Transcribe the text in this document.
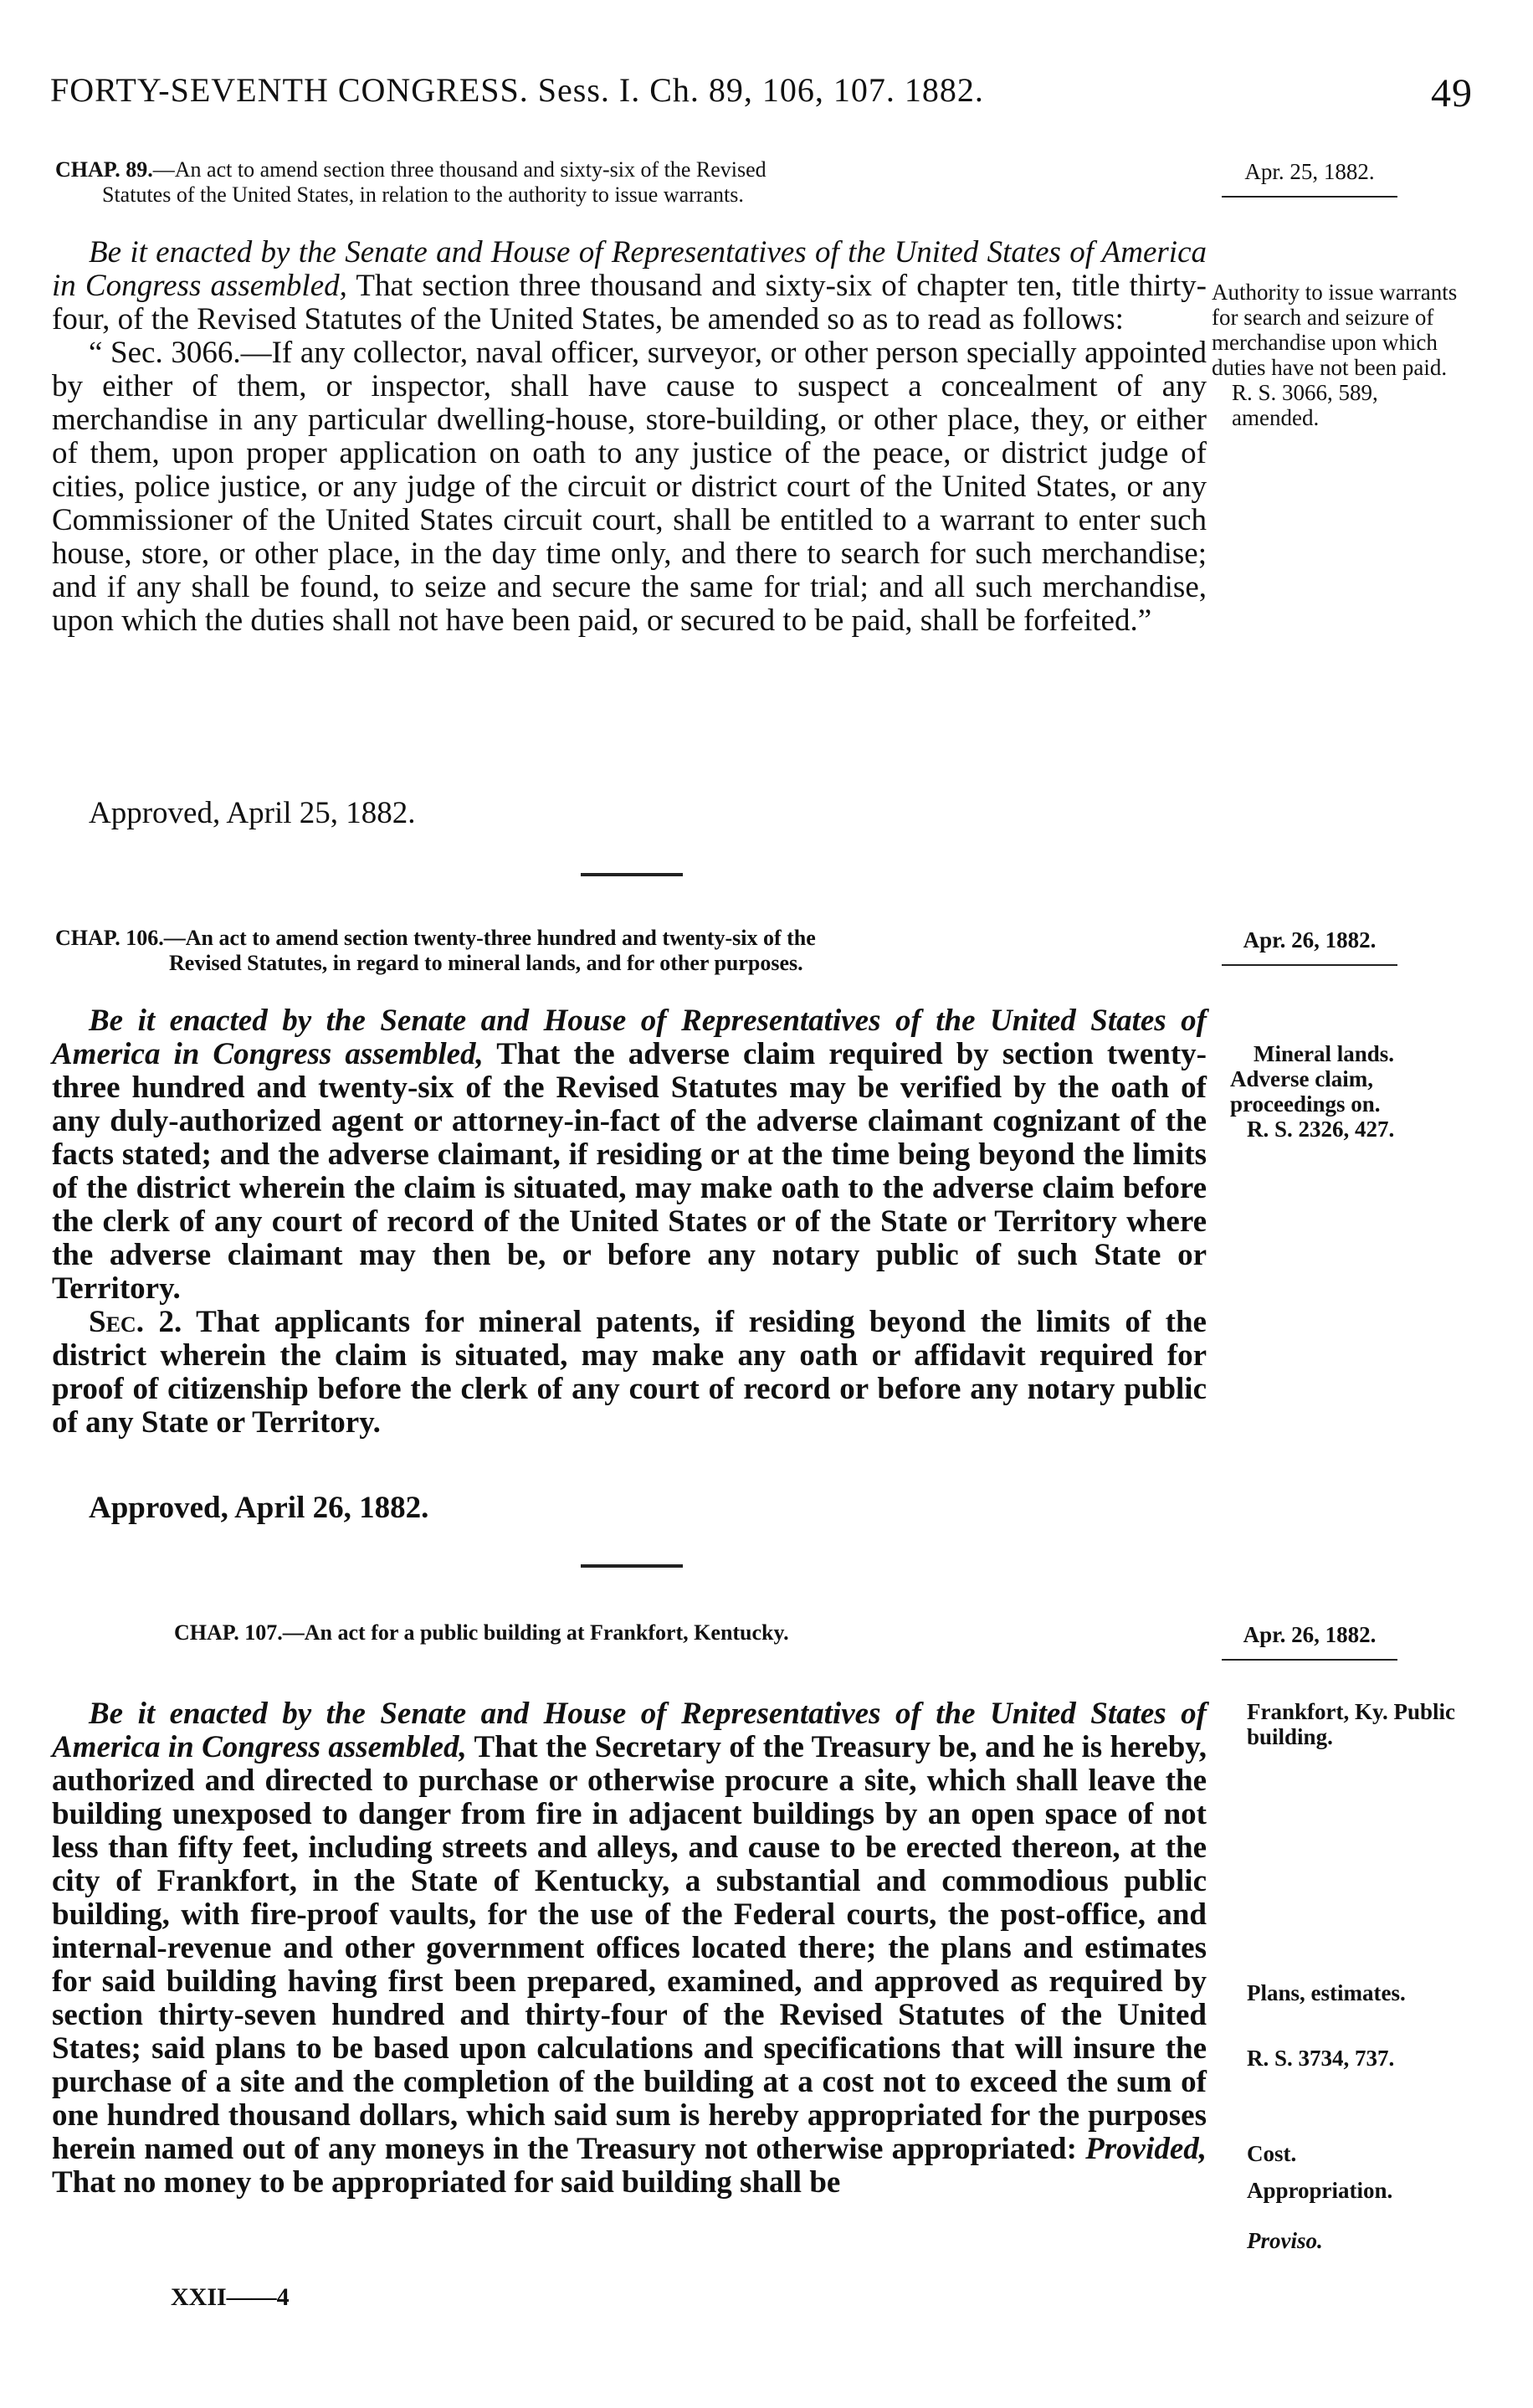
FORTY-SEVENTH CONGRESS. Sess. I. Ch. 89, 106, 107. 1882.	49
CHAP. 89.—An act to amend section three thousand and sixty-six of the Revised
Statutes of the United States, in relation to the authority to issue warrants.
Apr. 25, 1882.

Be it enacted by the Senate and House of Representatives of the United States of America in Congress assembled, That section three thousand and sixty-six of chapter ten, title thirty-four, of the Revised Statutes of the United States, be amended so as to read as follows:

“ Sec. 3066.—If any collector, naval officer, surveyor, or other person specially appointed by either of them, or inspector, shall have cause to suspect a concealment of any merchandise in any particular dwelling-house, store-building, or other place, they, or either of them, upon proper application on oath to any justice of the peace, or district judge of cities, police justice, or any judge of the circuit or district court of the United States, or any Commissioner of the United States circuit court, shall be entitled to a warrant to enter such house, store, or other place, in the day time only, and there to search for such merchandise; and if any shall be found, to seize and secure the same for trial; and all such merchandise, upon which the duties shall not have been paid, or secured to be paid, shall be forfeited.”

Approved, April 25, 1882.
Authority to issue warrants for search and seizure of merchandise upon which duties have not been paid.
R. S. 3066, 589, amended.
CHAP. 106.—An act to amend section twenty-three hundred and twenty-six of the
Revised Statutes, in regard to mineral lands, and for other purposes.
Apr. 26, 1882.

Be it enacted by the Senate and House of Representatives of the United States of America in Congress assembled, That the adverse claim required by section twenty-three hundred and twenty-six of the Revised Statutes may be verified by the oath of any duly-authorized agent or attorney-in-fact of the adverse claimant cognizant of the facts stated; and the adverse claimant, if residing or at the time being beyond the limits of the district wherein the claim is situated, may make oath to the adverse claim before the clerk of any court of record of the United States or of the State or Territory where the adverse claimant may then be, or before any notary public of such State or Territory.

Sec. 2. That applicants for mineral patents, if residing beyond the limits of the district wherein the claim is situated, may make any oath or affidavit required for proof of citizenship before the clerk of any court of record or before any notary public of any State or Territory.

Approved, April 26, 1882.
Mineral lands.
Adverse claim, proceedings on.
R. S. 2326, 427.
CHAP. 107.—An act for a public building at Frankfort, Kentucky.	Apr. 26, 1882.

Be it enacted by the Senate and House of Representatives of the United States of America in Congress assembled, That the Secretary of the Treasury be, and he is hereby, authorized and directed to purchase or otherwise procure a site, which shall leave the building unexposed to danger from fire in adjacent buildings by an open space of not less than fifty feet, including streets and alleys, and cause to be erected thereon, at the city of Frankfort, in the State of Kentucky, a substantial and commodious public building, with fire-proof vaults, for the use of the Federal courts, the post-office, and internal-revenue and other government offices located there; the plans and estimates for said building having first been prepared, examined, and approved as required by section thirty-seven hundred and thirty-four of the Revised Statutes of the United States; said plans to be based upon calculations and specifications that will insure the purchase of a site and the completion of the building at a cost not to exceed the sum of one hundred thousand dollars, which said sum is hereby appropriated for the purposes herein named out of any moneys in the Treasury not otherwise appropriated: Provided, That no money to be appropriated for said building shall be

Frankfort, Ky. Public building.
Plans, estimates.
R. S. 3734, 737.
Cost.
Appropriation.
Proviso.
XXII——4
